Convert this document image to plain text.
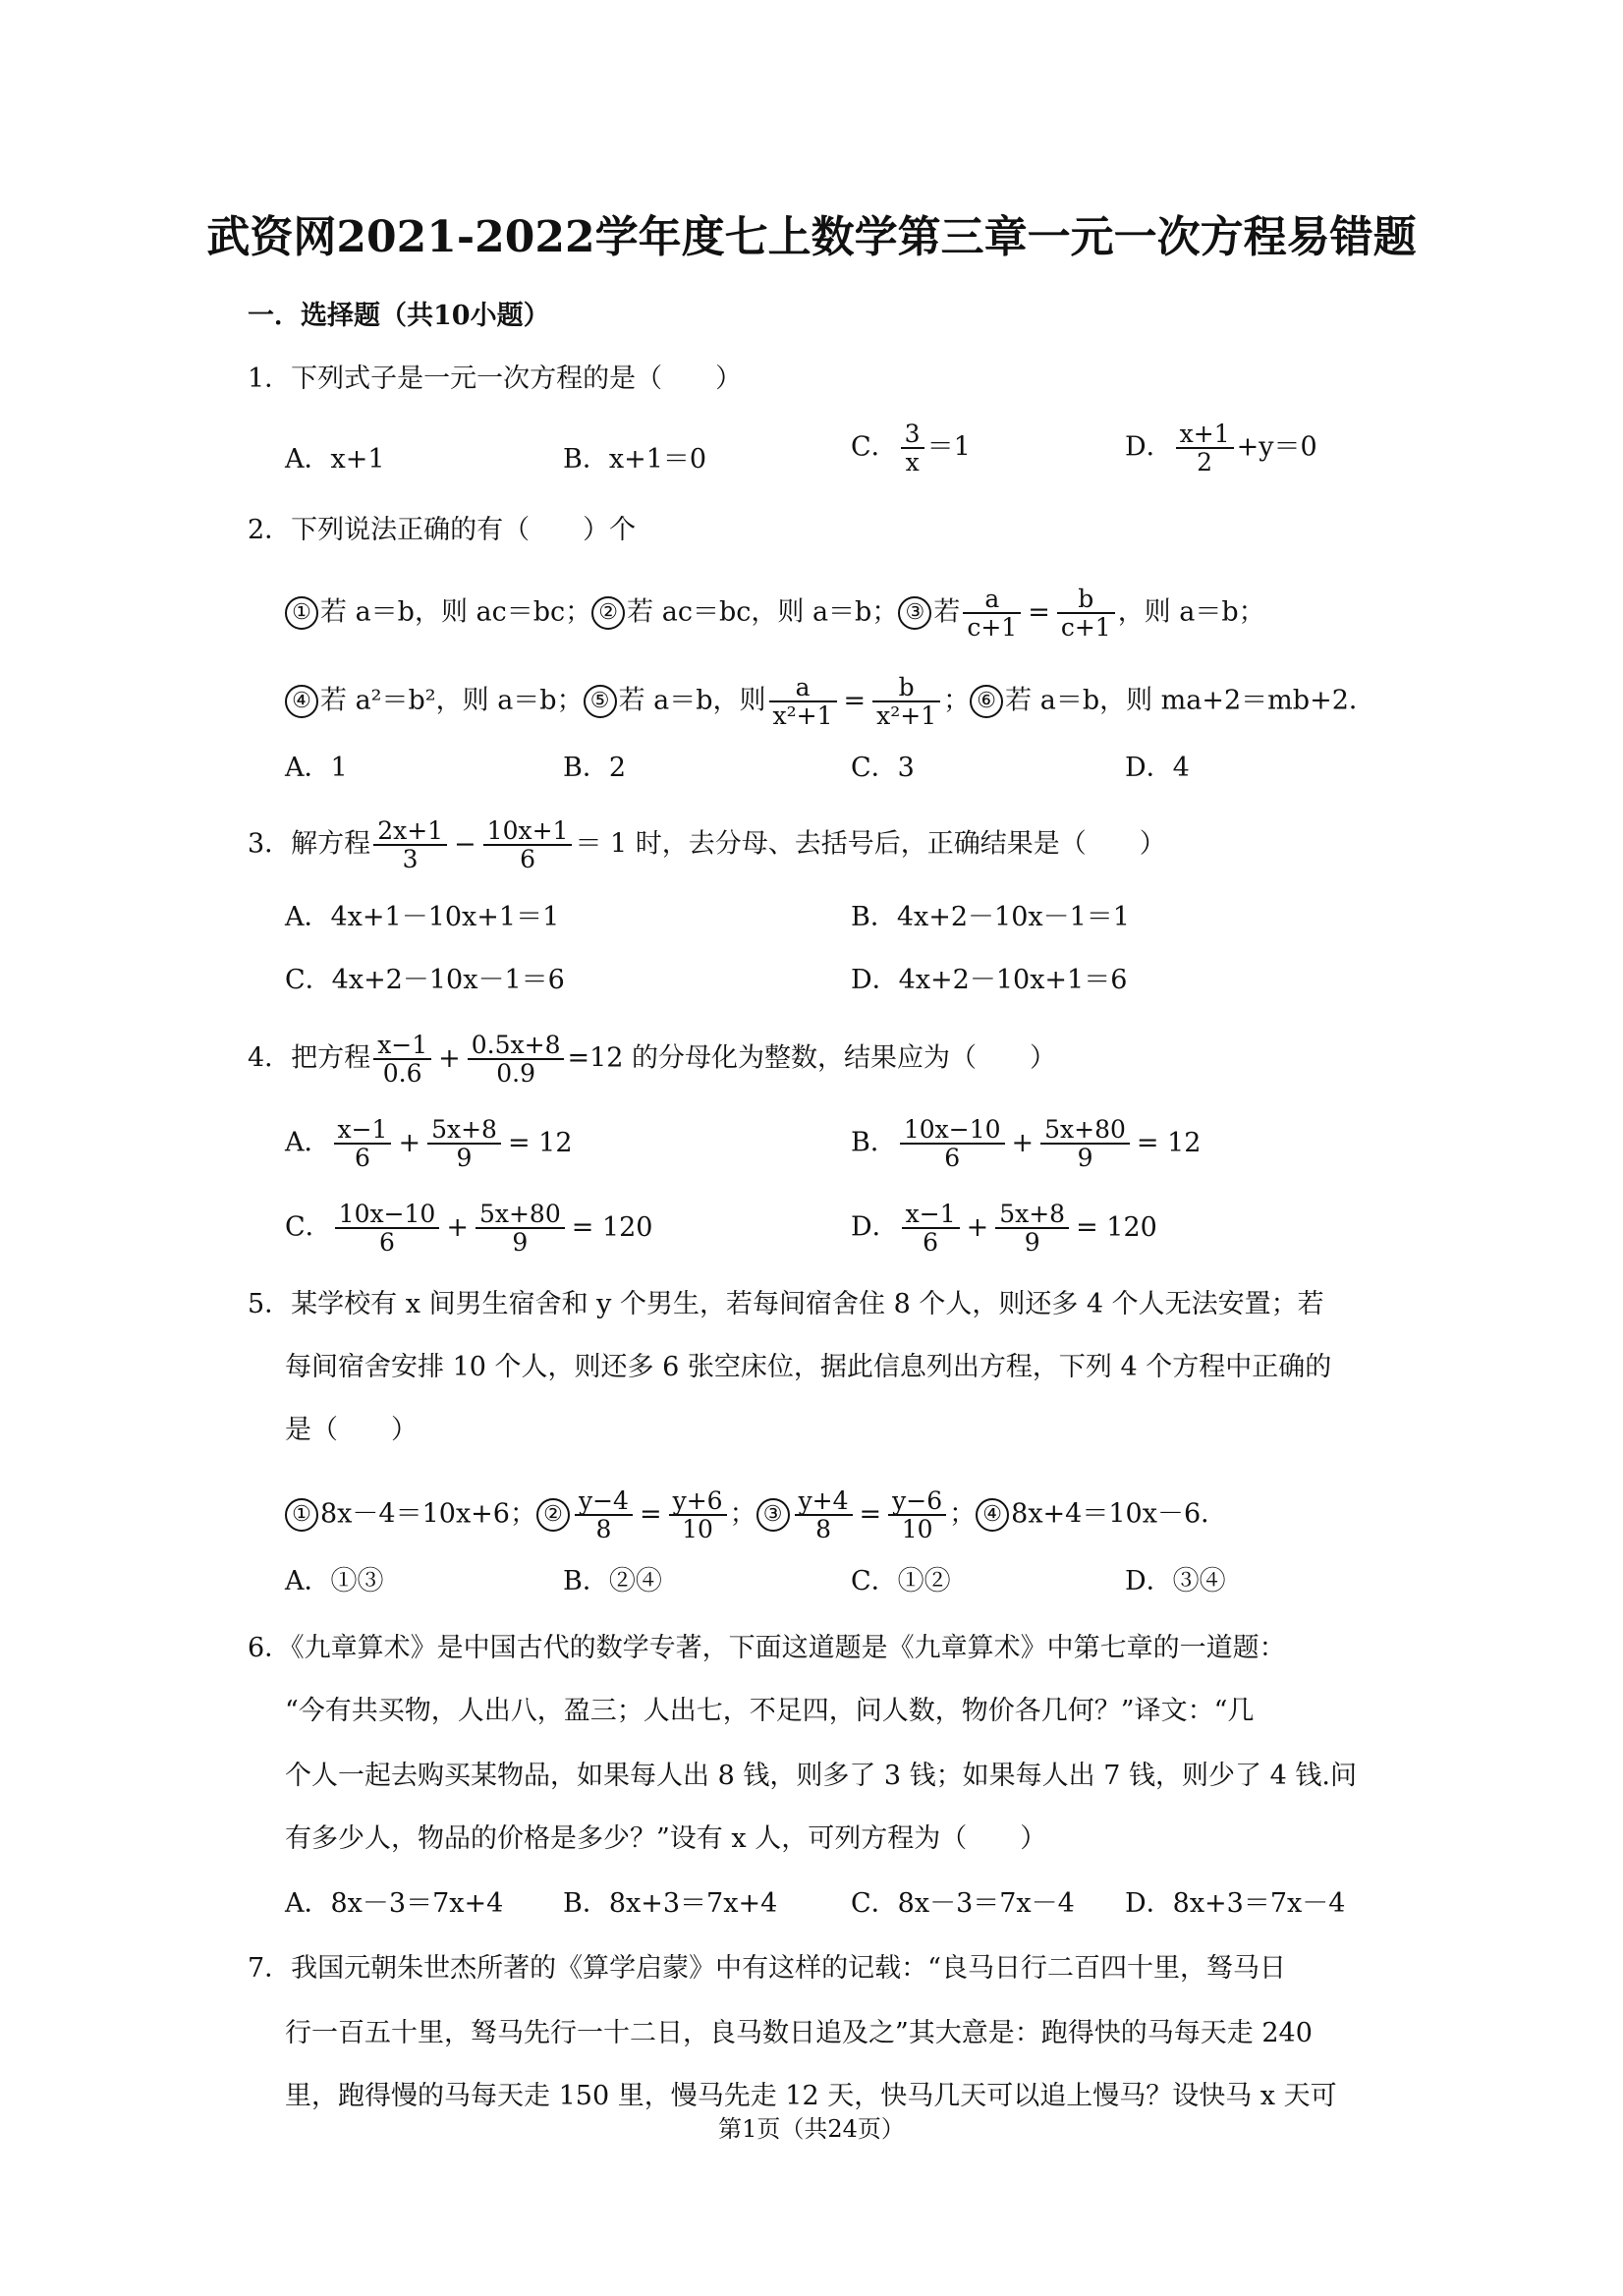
武资网2021-2022学年度七上数学第三章一元一次方程易错题
一．选择题（共10小题）
1．下列式子是一元一次方程的是（　　）
A．x+1	B．x+1＝0	C． $\frac{3}{x} =1$	D． $\frac{x+1}{2} +y=0$
2．下列说法正确的有（　　）个
① 若 a＝b，则 ac＝bc； ② 若 ac＝bc，则 a＝b； ③ 若 $\frac{a}{c+1} = \frac{b}{c+1}$ ，则 a＝b；
④ 若 a²＝b²，则 a＝b； ⑤ 若 a＝b，则 $\frac{a}{\text{x²+1}} = \frac{b}{\text{x²+1}}$ ； ⑥ 若 a＝b，则 ma+2＝mb+2．
A．1	B．2	C．3	D．4
3．解方程 $\frac{2x+1}{3} - \frac{10x+1}{6} = 1$ 时，去分母、去括号后，正确结果是（　　）
A．4x+1－10x+1＝1	B．4x+2－10x－1＝1
C．4x+2－10x－1＝6	D．4x+2－10x+1＝6
4．把方程 $\frac{x-1}{0.6} + \frac{0.5x+8}{0.9} =12$ 的分母化为整数，结果应为（　　）
A． $\frac{x-1}{6} + \frac{5x+8}{9} = 12$	B． $\frac{10x-10}{6} + \frac{5x+80}{9} = 12$
C． $\frac{10x-10}{6} + \frac{5x+80}{9} = 120$	D． $\frac{x-1}{6} + \frac{5x+8}{9} = 120$
5．某学校有 x 间男生宿舍和 y 个男生，若每间宿舍住 8 个人，则还多 4 个人无法安置；若
每间宿舍安排 10 个人，则还多 6 张空床位，据此信息列出方程，下列 4 个方程中正确的
是（　　）
① 8x－4＝10x+6； ② $\frac{y-4}{8} = \frac{y+6}{10}$ ； ③ $\frac{y+4}{8} = \frac{y-6}{10}$ ； ④ 8x+4＝10x－6．
A．①③	B．②④	C．①②	D．③④
6．《九章算术》是中国古代的数学专著，下面这道题是《九章算术》中第七章的一道题：
“今有共买物，人出八，盈三；人出七，不足四，问人数，物价各几何？”译文：“几
个人一起去购买某物品，如果每人出 8 钱，则多了 3 钱；如果每人出 7 钱，则少了 4 钱.问
有多少人，物品的价格是多少？”设有 x 人，可列方程为（　　）
A．8x－3＝7x+4 B．8x+3＝7x+4	C．8x－3＝7x－4 D．8x+3＝7x－4
7．我国元朝朱世杰所著的《算学启蒙》中有这样的记载：“良马日行二百四十里，驽马日
行一百五十里，驽马先行一十二日，良马数日追及之”其大意是：跑得快的马每天走 240
里，跑得慢的马每天走 150 里，慢马先走 12 天，快马几天可以追上慢马？设快马 x 天可
第1页（共24页）
